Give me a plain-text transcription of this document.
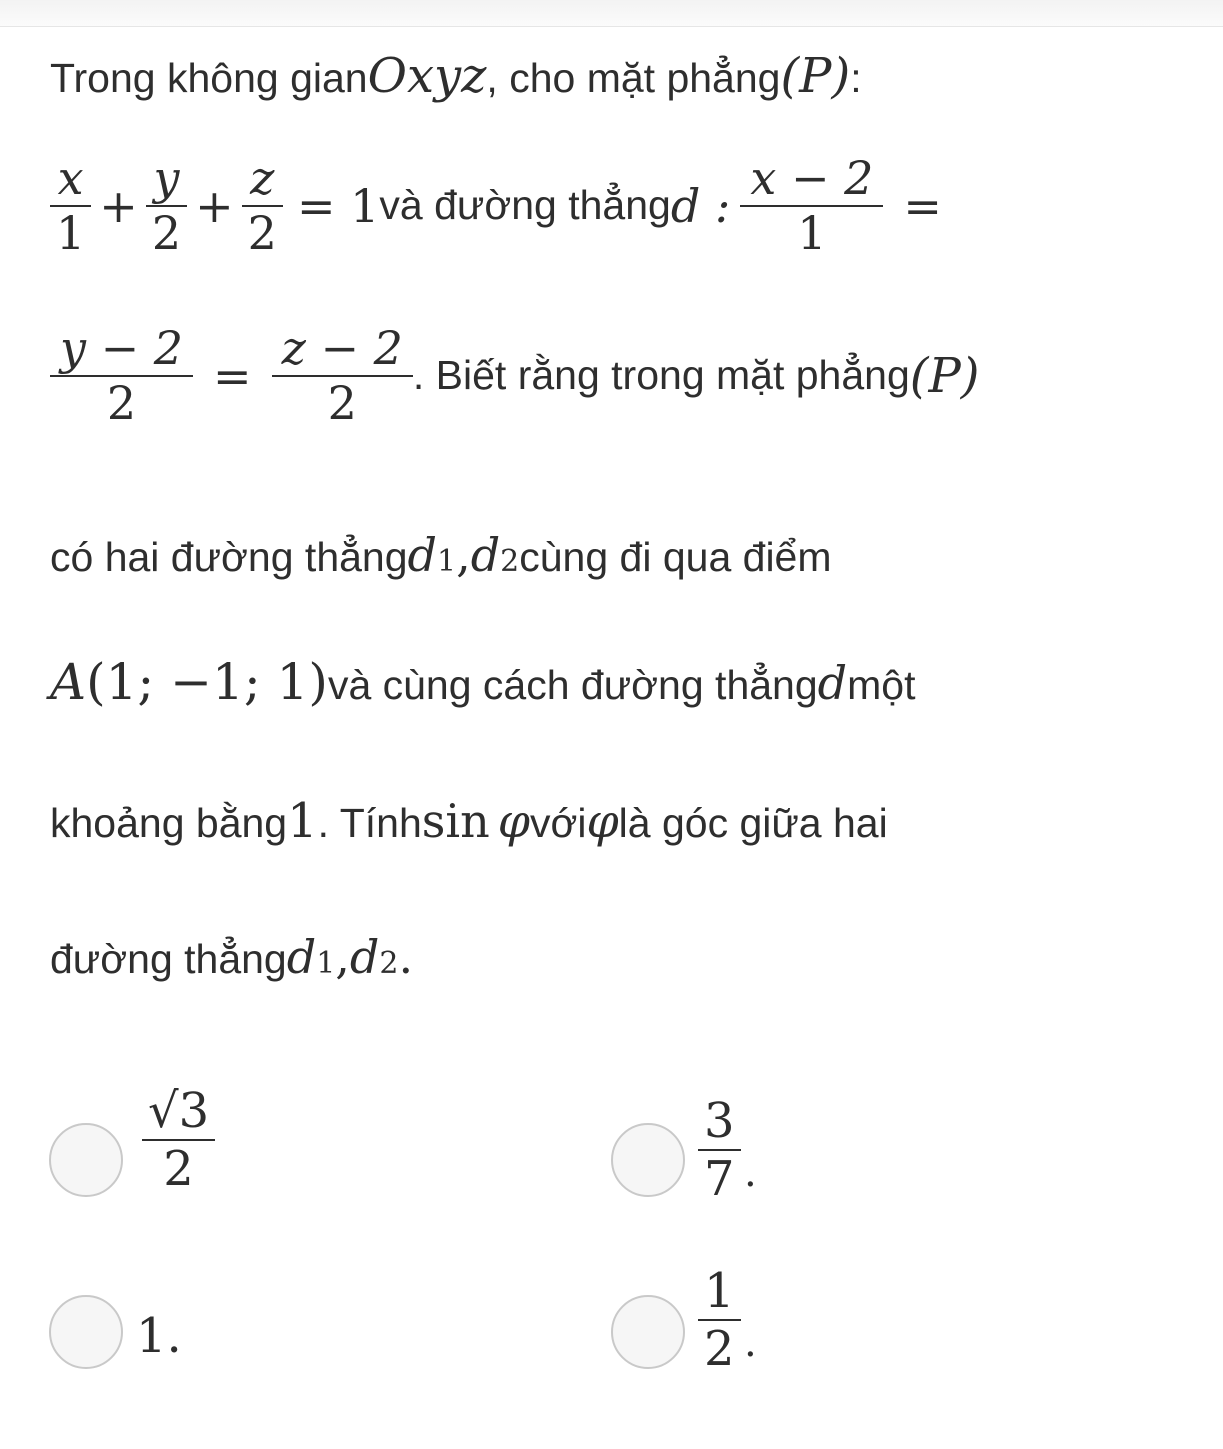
Trong không gian Oxyz , cho mặt phẳng (P) :
$\frac{x}{1} + \frac{y}{2} + \frac{z}{2} = 1$ và đường thẳng d : $\frac{x - 2}{1}$ =
$\frac{y - 2}{2} = \frac{z - 2}{2}$ . Biết rằng trong mặt phẳng (P)
có hai đường thẳng d 1 , d 2 cùng đi qua điểm
A (1; −1; 1) và cùng cách đường thẳng d một
khoảng bằng 1 . Tính sin φ với φ là góc giữa hai
đường thẳng d 1 , d 2 .
√3
2
3
7 .
1.
1
2 .
